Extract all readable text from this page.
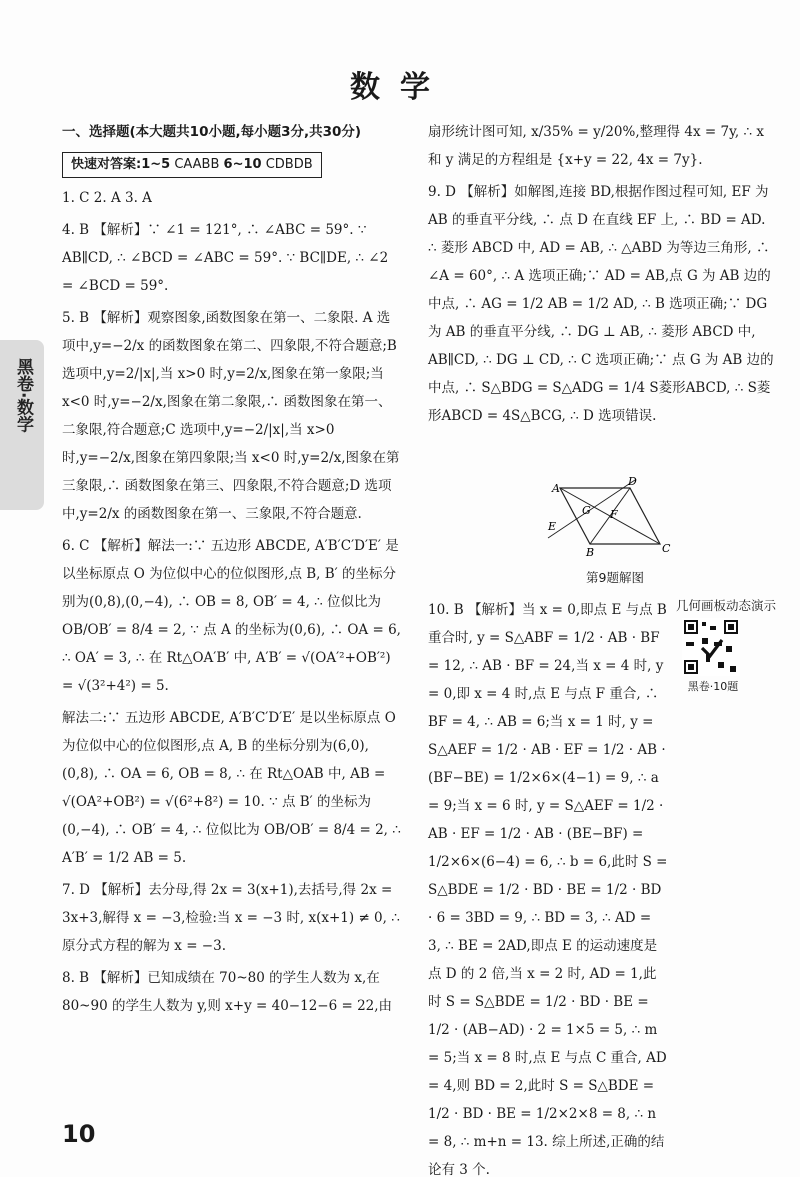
数学
黑卷·数学

一、选择题(本大题共10小题,每小题3分,共30分)

快速对答案:1~5 CAABB 6~10 CDBDB

1. C 2. A 3. A

4. B 【解析】∵ ∠1 = 121°, ∴ ∠ABC = 59°. ∵ AB∥CD, ∴ ∠BCD = ∠ABC = 59°. ∵ BC∥DE, ∴ ∠2 = ∠BCD = 59°.

5. B 【解析】观察图象,函数图象在第一、二象限. A 选项中,y=−2/x 的函数图象在第二、四象限,不符合题意;B 选项中,y=2/|x|,当 x>0 时,y=2/x,图象在第一象限;当 x<0 时,y=−2/x,图象在第二象限,∴ 函数图象在第一、二象限,符合题意;C 选项中,y=−2/|x|,当 x>0 时,y=−2/x,图象在第四象限;当 x<0 时,y=2/x,图象在第三象限,∴ 函数图象在第三、四象限,不符合题意;D 选项中,y=2/x 的函数图象在第一、三象限,不符合题意.

6. C 【解析】解法一:∵ 五边形 ABCDE, A′B′C′D′E′ 是以坐标原点 O 为位似中心的位似图形,点 B, B′ 的坐标分别为(0,8),(0,−4), ∴ OB = 8, OB′ = 4, ∴ 位似比为 OB/OB′ = 8/4 = 2, ∵ 点 A 的坐标为(0,6), ∴ OA = 6, ∴ OA′ = 3, ∴ 在 Rt△OA′B′ 中, A′B′ = √(OA′²+OB′²) = √(3²+4²) = 5.

解法二:∵ 五边形 ABCDE, A′B′C′D′E′ 是以坐标原点 O 为位似中心的位似图形,点 A, B 的坐标分别为(6,0),(0,8), ∴ OA = 6, OB = 8, ∴ 在 Rt△OAB 中, AB = √(OA²+OB²) = √(6²+8²) = 10. ∵ 点 B′ 的坐标为(0,−4), ∴ OB′ = 4, ∴ 位似比为 OB/OB′ = 8/4 = 2, ∴ A′B′ = 1/2 AB = 5.

7. D 【解析】去分母,得 2x = 3(x+1),去括号,得 2x = 3x+3,解得 x = −3,检验:当 x = −3 时, x(x+1) ≠ 0, ∴ 原分式方程的解为 x = −3.

8. B 【解析】已知成绩在 70~80 的学生人数为 x,在 80~90 的学生人数为 y,则 x+y = 40−12−6 = 22,由

扇形统计图可知, x/35% = y/20%,整理得 4x = 7y, ∴ x 和 y 满足的方程组是 {x+y = 22, 4x = 7y}.

9. D 【解析】如解图,连接 BD,根据作图过程可知, EF 为 AB 的垂直平分线, ∴ 点 D 在直线 EF 上, ∴ BD = AD. ∴ 菱形 ABCD 中, AD = AB, ∴ △ABD 为等边三角形, ∴ ∠A = 60°, ∴ A 选项正确;∵ AD = AB,点 G 为 AB 边的中点, ∴ AG = 1/2 AB = 1/2 AD, ∴ B 选项正确;∵ DG 为 AB 的垂直平分线, ∴ DG ⊥ AB, ∴ 菱形 ABCD 中, AB∥CD, ∴ DG ⊥ CD, ∴ C 选项正确;∵ 点 G 为 AB 边的中点, ∴ S△BDG = S△ADG = 1/4 S菱形ABCD, ∴ S菱形ABCD = 4S△BCG, ∴ D 选项错误.

A
D
G F
E
B	C
第9题解图
几何画板动态演示
黑卷·10题

10. B 【解析】当 x = 0,即点 E 与点 B 重合时, y = S△ABF = 1/2 · AB · BF = 12, ∴ AB · BF = 24,当 x = 4 时, y = 0,即 x = 4 时,点 E 与点 F 重合, ∴ BF = 4, ∴ AB = 6;当 x = 1 时, y = S△AEF = 1/2 · AB · EF = 1/2 · AB · (BF−BE) = 1/2×6×(4−1) = 9, ∴ a = 9;当 x = 6 时, y = S△AEF = 1/2 · AB · EF = 1/2 · AB · (BE−BF) = 1/2×6×(6−4) = 6, ∴ b = 6,此时 S = S△BDE = 1/2 · BD · BE = 1/2 · BD · 6 = 3BD = 9, ∴ BD = 3, ∴ AD = 3, ∴ BE = 2AD,即点 E 的运动速度是点 D 的 2 倍,当 x = 2 时, AD = 1,此时 S = S△BDE = 1/2 · BD · BE = 1/2 · (AB−AD) · 2 = 1×5 = 5, ∴ m = 5;当 x = 8 时,点 E 与点 C 重合, AD = 4,则 BD = 2,此时 S = S△BDE = 1/2 · BD · BE = 1/2×2×8 = 8, ∴ n = 8, ∴ m+n = 13. 综上所述,正确的结论有 3 个.

10
